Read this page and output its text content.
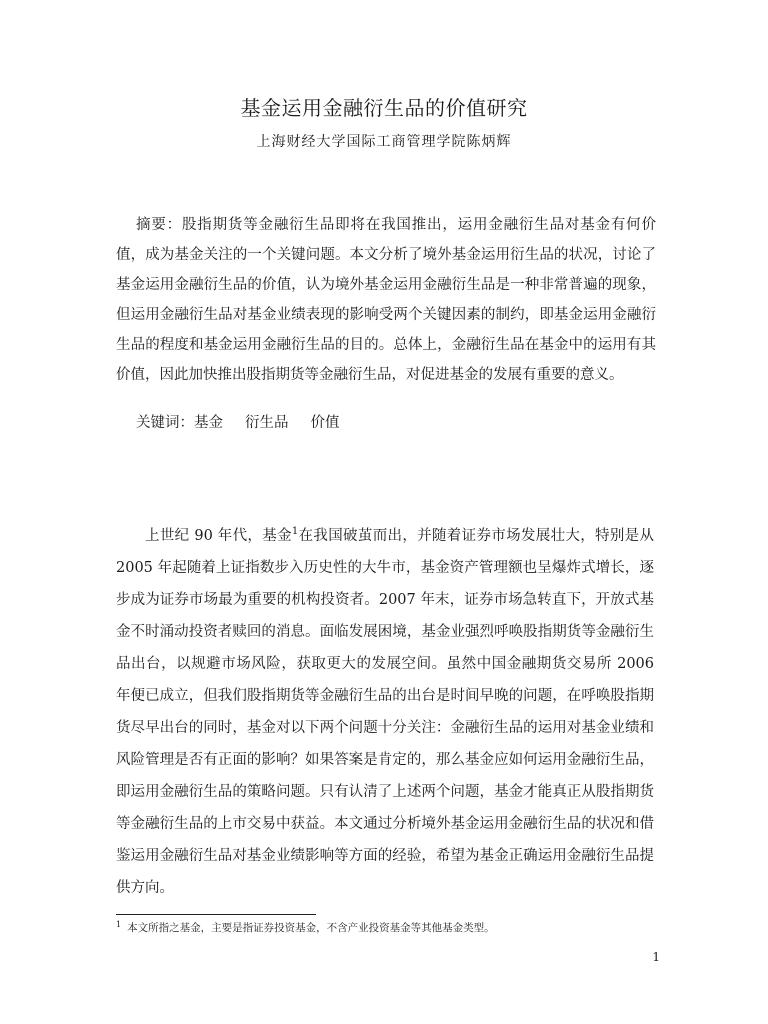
基金运用金融衍生品的价值研究
上海财经大学国际工商管理学院陈炳辉

摘要：股指期货等金融衍生品即将在我国推出，运用金融衍生品对基金有何价值，成为基金关注的一个关键问题。本文分析了境外基金运用衍生品的状况，讨论了基金运用金融衍生品的价值，认为境外基金运用金融衍生品是一种非常普遍的现象，但运用金融衍生品对基金业绩表现的影响受两个关键因素的制约，即基金运用金融衍生品的程度和基金运用金融衍生品的目的。总体上，金融衍生品在基金中的运用有其价值，因此加快推出股指期货等金融衍生品，对促进基金的发展有重要的意义。

关键词：基金 衍生品 价值

上世纪 90 年代，基金$^1$在我国破茧而出，并随着证券市场发展壮大，特别是从 2005 年起随着上证指数步入历史性的大牛市，基金资产管理额也呈爆炸式增长，逐步成为证券市场最为重要的机构投资者。2007 年末，证券市场急转直下，开放式基金不时涌动投资者赎回的消息。面临发展困境，基金业强烈呼唤股指期货等金融衍生品出台，以规避市场风险，获取更大的发展空间。虽然中国金融期货交易所 2006 年便已成立，但我们股指期货等金融衍生品的出台是时间早晚的问题，在呼唤股指期货尽早出台的同时，基金对以下两个问题十分关注：金融衍生品的运用对基金业绩和风险管理是否有正面的影响？如果答案是肯定的，那么基金应如何运用金融衍生品，即运用金融衍生品的策略问题。只有认清了上述两个问题，基金才能真正从股指期货等金融衍生品的上市交易中获益。本文通过分析境外基金运用金融衍生品的状况和借鉴运用金融衍生品对基金业绩影响等方面的经验，希望为基金正确运用金融衍生品提供方向。

$^1$ 本文所指之基金，主要是指证券投资基金，不含产业投资基金等其他基金类型。
1
